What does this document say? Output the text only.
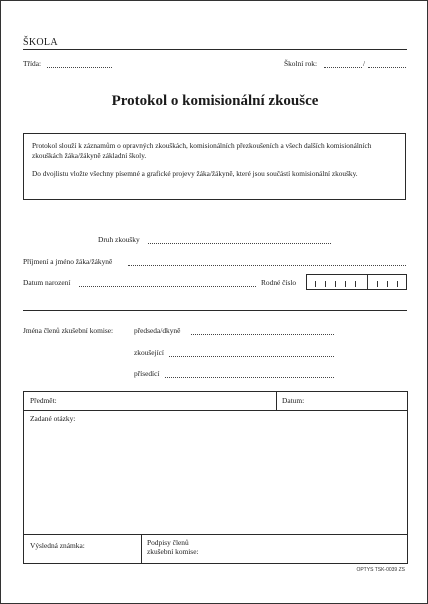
ŠKOLA
Třída:	Školní rok:	/
Protokol o komisionální zkoušce

Protokol slouží k záznamům o opravných zkouškách, komisionálních přezkoušeních a všech dalších komisionálních zkouškách žáka/žákyně základní školy.

Do dvojlistu vložte všechny písemné a grafické projevy žáka/žákyně, které jsou součástí komisionální zkoušky.

Druh zkoušky
Příjmení a jméno žáka/žákyně
Datum narození	Rodné číslo
Jména členů zkušební komise:	předseda/dkyně
zkoušející
přísedící
Předmět:	Datum:
Zadané otázky:
Výsledná známka:	Podpisy členů
zkušební komise:
OPTYS TSK-0039 ZS
